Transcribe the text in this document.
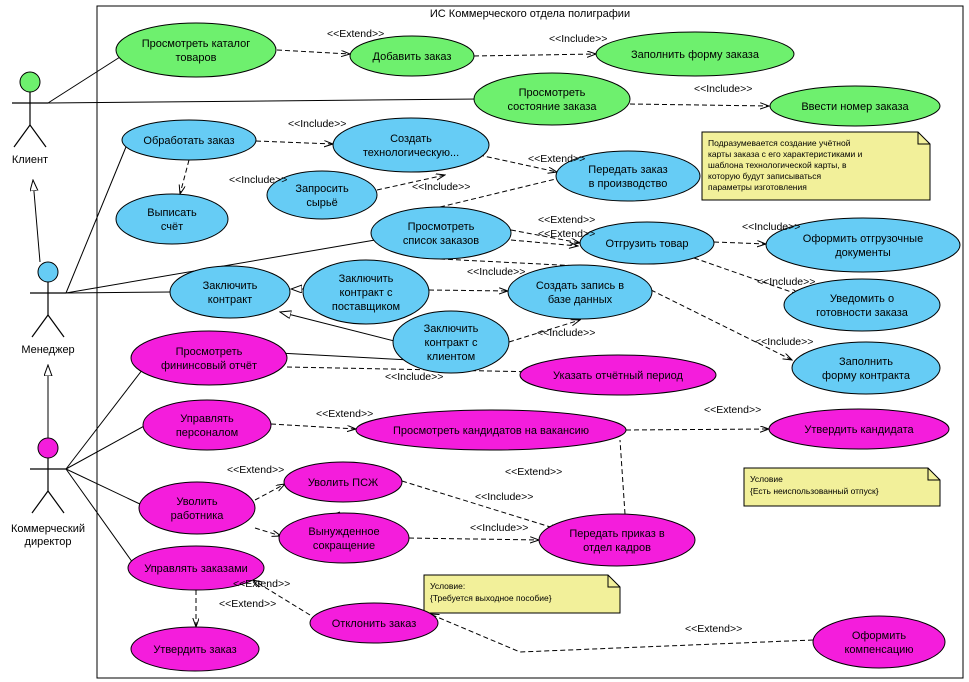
ИС Коммерческого отдела полиграфии
Клиент
Менеджер
Коммерческий
директор
Подразумевается создание учётной
карты заказа с его характеристиками и
шаблона технологической карты, в
которую будут записываться
параметры изготовления
Условие
{Есть неиспользованный отпуск}
Условие:
{Требуется выходное пособие}
Просмотреть каталог
товаров	Добавить заказ	Заполнить форму заказа
Просмотреть
состояние заказа	Ввести номер заказа
Обработать заказ	Создать
технологическую...
Передать заказ
в производство
Запросить
сырьё
Выписать
счёт	Просмотреть
список заказов	Отгрузить товар	Оформить отгрузочные
документы
Заключить
контракт
Заключить
контракт с
поставщиком
Создать запись в
базе данных	Уведомить о
готовности заказа
Заключить
контракт с
клиентом
Просмотреть
фининсовый отчёт
Указать отчётный период
Заполнить
форму контракта
Управлять
персоналом	Просмотреть кандидатов на вакансию	Утвердить кандидата
Уволить ПСЖ
Уволить
работника
Вынужденное
сокращение
Передать приказ в
отдел кадров
Управлять заказами
Отклонить заказ
Утвердить заказ
Оформить
компенсацию
<<Extend>>	<<Include>>
<<Include>>
<<Include>>
<<Extend>>
<<Include>>
<<Include>>
<<Extend>>
<<Extend>>
<<Include>>
<<Include>>
<<Include>>
<<Include>>
<<Include>>
<<Include>>
<<Extend>>	<<Extend>>
<<Extend>>	<<Extend>>
<<Include>>
<<Include>>
<<Extend>>
<<Extend>>
<<Extend>>
